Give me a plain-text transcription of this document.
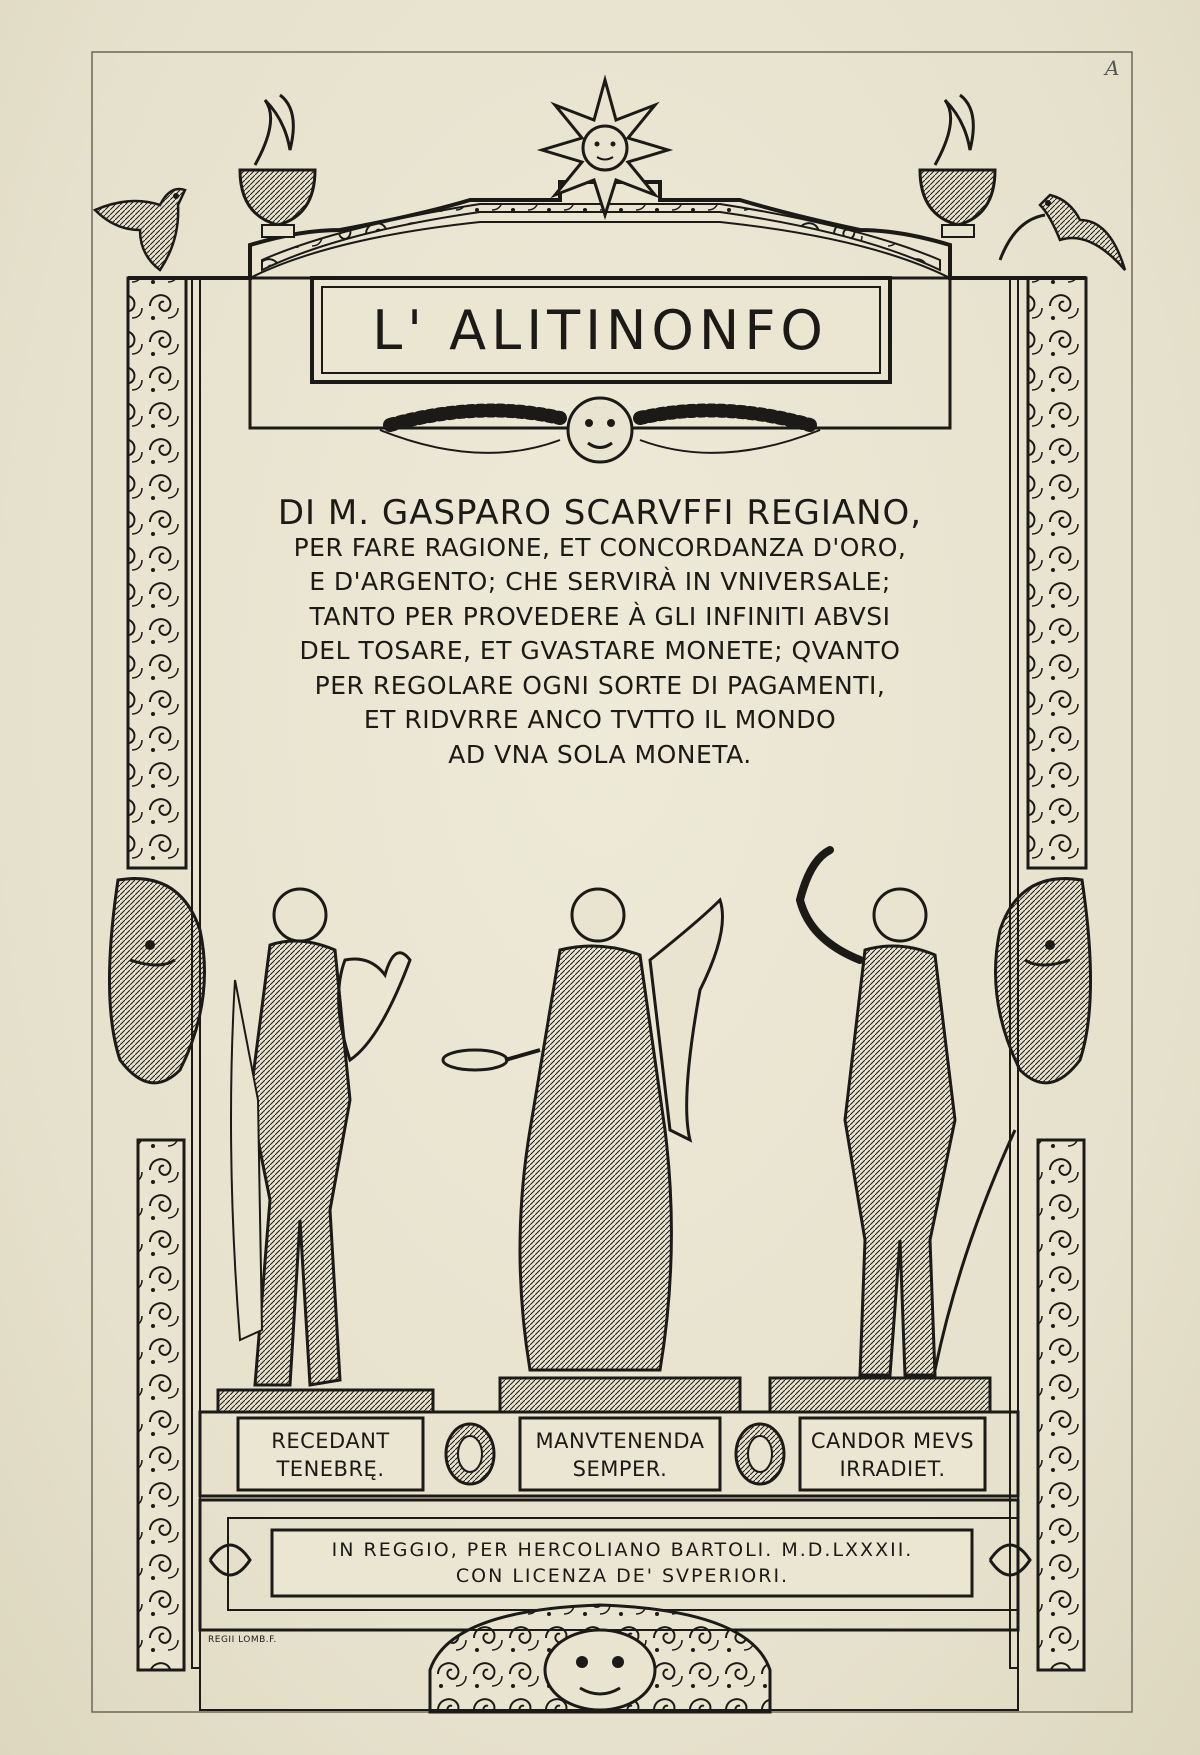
A
L' ALITINONFO
DI M. GASPARO SCARVFFI REGIANO,
PER FARE RAGIONE, ET CONCORDANZA D'ORO,
E D'ARGENTO; CHE SERVIRÀ IN VNIVERSALE;
TANTO PER PROVEDERE À GLI INFINITI ABVSI
DEL TOSARE, ET GVASTARE MONETE; QVANTO
PER REGOLARE OGNI SORTE DI PAGAMENTI,
ET RIDVRRE ANCO TVTTO IL MONDO
AD VNA SOLA MONETA.
RECEDANT
TENEBRĘ.
MANVTENENDA
SEMPER.
CANDOR MEVS
IRRADIET.
IN REGGIO, PER HERCOLIANO BARTOLI. M.D.LXXXII.
CON LICENZA DE' SVPERIORI.
REGII LOMB.F.
